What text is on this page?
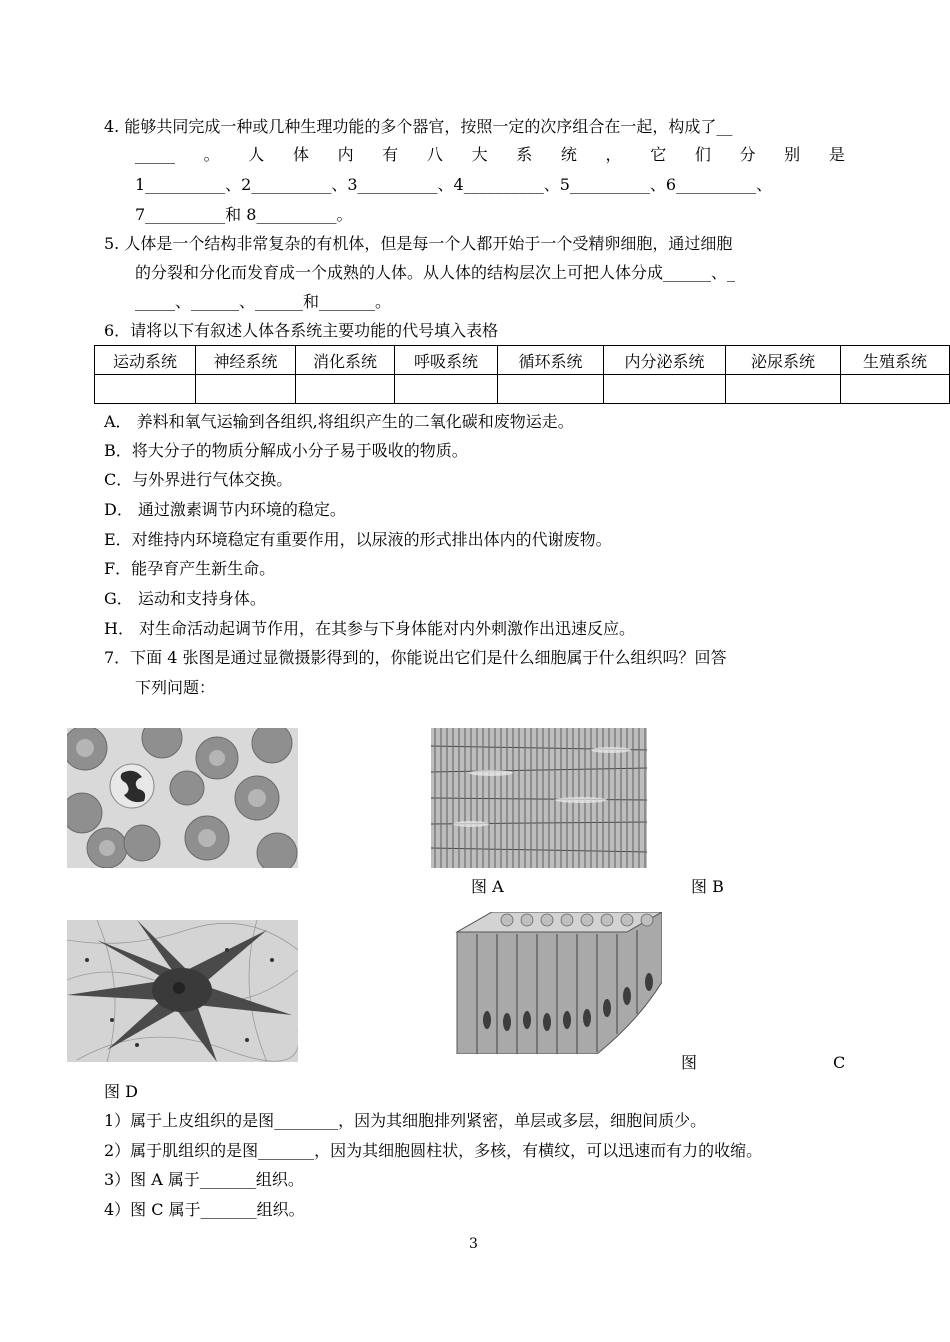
4. 能够共同完成一种或几种生理功能的多个器官，按照一定的次序组合在一起，构成了__
_____ 。 人 体 内 有 八 大 系 统 ， 它 们 分 别 是
1__________、2__________、3__________、4__________、5__________、6__________、
7__________和 8__________。
5. 人体是一个结构非常复杂的有机体，但是每一个人都开始于一个受精卵细胞，通过细胞
的分裂和分化而发育成一个成熟的人体。从人体的结构层次上可把人体分成______、_
_____、______、______和_______。
6．请将以下有叙述人体各系统主要功能的代号填入表格
运动系统	神经系统	消化系统	呼吸系统	循环系统	内分泌系统	泌尿系统	生殖系统

A． 养料和氧气运输到各组织,将组织产生的二氧化碳和废物运走。
B．将大分子的物质分解成小分子易于吸收的物质。
C．与外界进行气体交换。
D． 通过激素调节内环境的稳定。
E．对维持内环境稳定有重要作用，以尿液的形式排出体内的代谢废物。
F．能孕育产生新生命。
G． 运动和支持身体。
H． 对生命活动起调节作用，在其参与下身体能对内外刺激作出迅速反应。
7．下面 4 张图是通过显微摄影得到的，你能说出它们是什么细胞属于什么组织吗？回答
下列问题：
图 A	图 B
图	C
图 D
1）属于上皮组织的是图________，因为其细胞排列紧密，单层或多层，细胞间质少。
2）属于肌组织的是图_______，因为其细胞圆柱状，多核，有横纹，可以迅速而有力的收缩。
3）图 A 属于_______组织。
4）图 C 属于_______组织。
3
